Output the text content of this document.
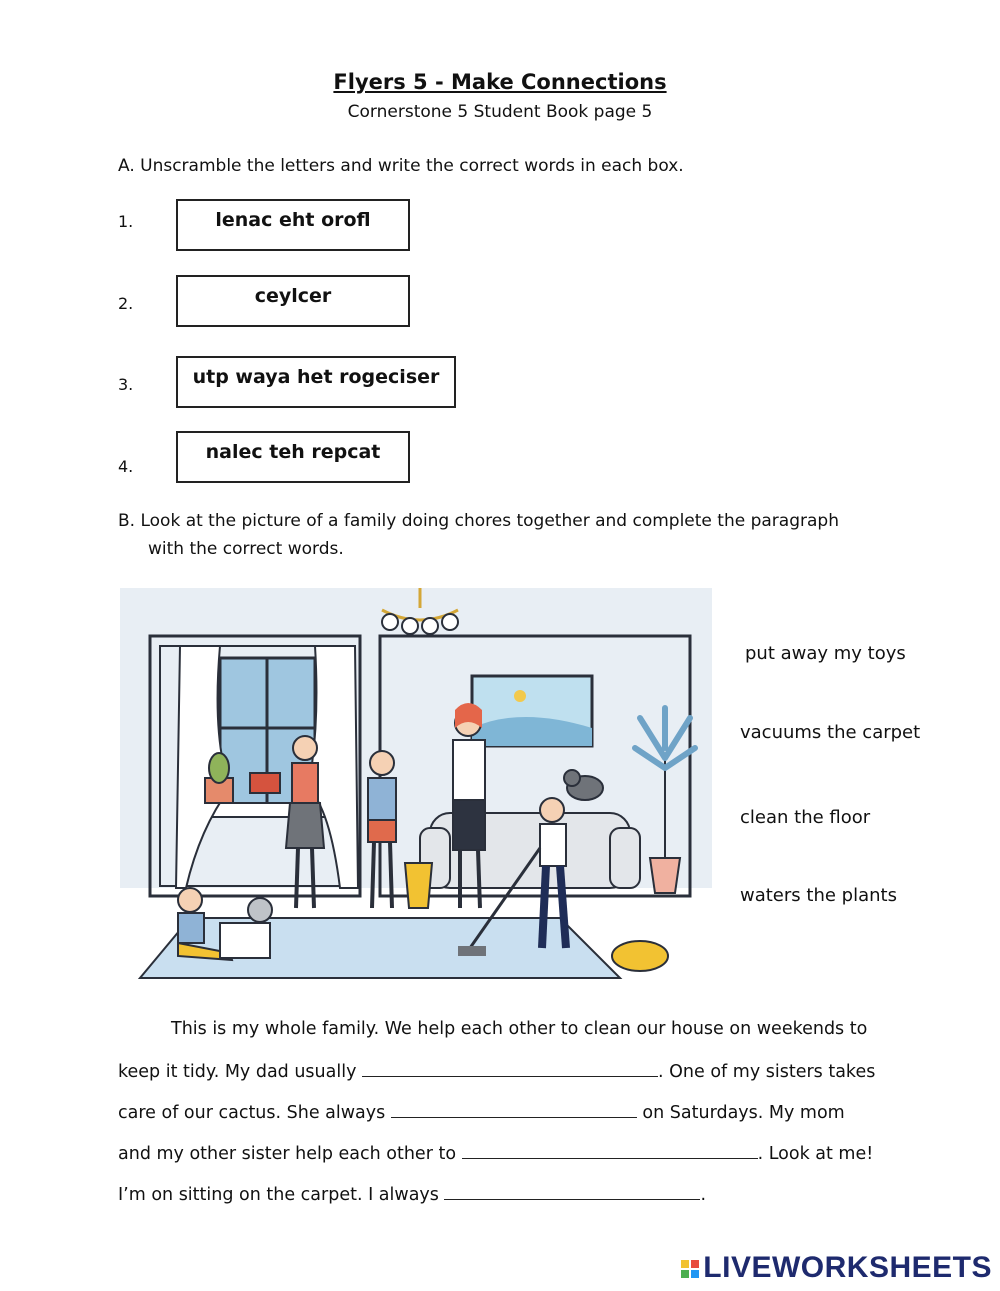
Flyers 5 - Make Connections
Cornerstone 5 Student Book page 5
A. Unscramble the letters and write the correct words in each box.
1.	lenac eht orofl
2.	ceylcer
3.	utp waya het rogeciser
4.
nalec teh repcat
B. Look at the picture of a family doing chores together and complete the paragraph
with the correct words.
put away my toys
vacuums the carpet
clean the floor
waters the plants
This is my whole family. We help each other to clean our house on weekends to
keep it tidy. My dad usually	. One of my sisters takes
care of our cactus. She always	on Saturdays. My mom
and my other sister help each other to	. Look at me!
I’m on sitting on the carpet. I always	.
LIVEWORKSHEETS
